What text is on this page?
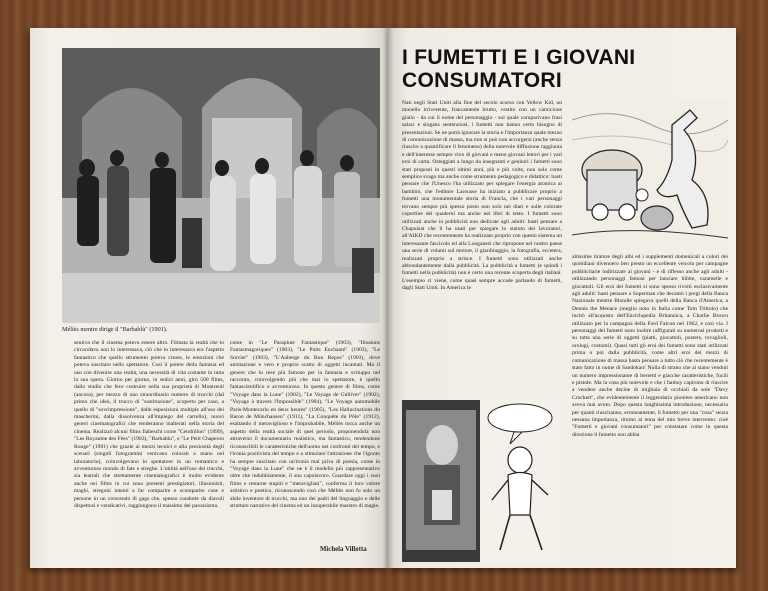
Méliès mentre dirige il "Barbablù" (1901).
sentiva che il cinema poteva essere altro. Filmata la realtà che lo circondava non lo interessava, ciò che lo interessava era l'aspetto fantastico che quello strumento poteva creare, le emozioni che poteva suscitare nello spettatore. Così il potere della fantasia ed uso con divenire una realtà, una necessità di vita costante in tutta la sua opera. Giorno per giorno, in sedici anni, girò 500 films, dallo studio che fece costruire nella sua proprietà di Montreuil (ancora), per mezzo di uno straordinario numero di trucchi (dal primo che ideò, il trucco di "sostituzione", scoperto per caso, a quello di "sovrimpressione", dalle esposizioni multiple all'uso dei mascherini, dalla dissolvenza all'impiego del carrello), nuovi generi cinematografici che renderanno inalterati nella storia del cinema. Realizzò alcuni films fiabeschi come "Cendrillon" (1899), "Les Royaume des Fées" (1903), "Barbablu", e "Le Petit Chaperon Rouge" (1901) che grazie ai mezzi tecnici e alla preziosità degli scenari (singoli fotogrammi venivano colorati a mano nel laboratorio), coinvolgevano lo spettatore in un romantico e avventuroso mondo di fate e streghe. L'utilità nell'uso dei trucchi, sia teatrali che strettamente cinematografici è molto evidente anche nei films in cui sono presenti prestigiatori, illusionisti, maghi, stregoni intenti a far comparire e scomparire cose e persone in un crescendo di gags che, spesso condotte da diavoli dispettosi e vendicativi, raggiungono il massimo del parossismo.
come in "Le Parapluie Fantastique" (1903), "Illusions Fantasmagoriques" (1903), "Le Puits Enchanté" (1903), "Le Sorcier" (1903), "L'Auberge du Bon Repos" (1903), dove animazione e vero e proprio scatto di oggetti incantati. Ma il genere che lo rese più famoso per la fantasia e sviluppo nel racconto, coinvolgendo più che mai lo spettatore, è quello fantascientifico e avventuroso. In questo genere di films, come "Voyage dans la Lune" (1902), "Le Voyage de Gulliver" (1902), "Voyage à travers l'Impossible" (1904), "Le Voyage automobile Paris-Montecarlo en deux heures" (1905), "Les Hallucinations du Baron de Münchausen" (1911), "La Conquête du Pôle" (1912), esaltando il meraviglioso e l'improbabile, Méliès tocca anche un aspetto della realtà sociale di quel periodo, proponendola non attraverso il documentario realistico, ma fantastico, rendendone riconoscibili le caratteristiche dell'uomo nei confronti del tempo, e l'ironia positivista del tempo e a stimolare l'attrazione che l'ignoto ha sempre suscitato con un'ironia mai priva di poesia, come in "Voyage dans la Lune" che ne è il modello più rappresentativo oltre che indubbiamente, il suo capolavoro. Guardare oggi i suoi films e restarne stupiti e "meravigliati", conferma il loro valore artistico e poetico, riconoscendo così che Méliès non fu solo un abile inventore di trucchi, ma uno dei padri del linguaggio e delle strutture narrative del cinema ed un insuperabile maestro di magie.
Michela Villotta
I FUMETTI E I GIOVANI CONSUMATORI
Nati negli Stati Uniti alla fine del secolo scorso con Yellow Kid, un monello irriverente, francamente brutto, vestito con un camicione giallo - da cui il nome del personaggio - sul quale comparivano frasi salaci e slogans sentenziosi, i fumetti non hanno certo bisogno di presentazioni. Se ne potrà ignorare la storia e l'importanza quale mezzo di comunicazione di massa, ma non si può non accorgersi (anche senza riuscire a quantificare il fenomeno) della notevole diffusione raggiunta e dell'interesse sempre vivo di giovani e meno giovani lettori per i vari eroi di carta. Osteggiati a lungo da insegnanti e genitori i fumetti sono stati proposti in questi ultimi anni, più e più volte, non solo come semplice svago ma anche come strumento pedagogico e didattico: basti pensare che l'Unesco l'ha utilizzato per spiegare l'energia atomica ai bambini, che l'editore Larousse ha iniziato a pubblicare proprio a fumetti una monumentale storia di Francia, che i vari personaggi trovano sempre più spesso posto non solo nei diari e sulle colorate copertine dei quaderni ma anche nei libri di testo. I fumetti sono utilizzati anche in pubblicità non dedicate agli adulti: basti pensare a Chapuisat che li ha usati per spiegare lo statuto dei lavoratori, all'AIKD che recentemente ha realizzato proprio con questo sistema un interessante fascicolo ed alla Longanesi che ripropone nel nostro paese una serie di volumi sul motore, il giardinaggio, la fotografia, eccetera, realizzati proprio a strisce. I fumetti sono utilizzati anche abbondantemente dalla pubblicità. La pubblicità a fumetti (e quindi i fumetti nella pubblicità) non è certo una recente scoperta degli italiani. L'esempio ci viene, come quasi sempre accade parlando di fumetti, dagli Stati Uniti. In America le
altissime tirature degli albi ed i supplementi domenicali a colori dei quotidiani divennero ben presto un eccellente veicolo per campagne pubblicitarie indirizzate ai giovani - e di riflesso anche agli adulti - utilizzando personaggi famosi per lanciare bibite, caramelle e giocattoli. Gli eroi dei fumetti si sono spesso rivolti esclusivamente agli adulti: basti pensare a Superman che decantò i pregi della Banca Nazionale mentre Blondie spiegava quelli della Banca d'America, a Dennis the Menace (meglio noto in Italia come Tom Trittolo) che incitò all'acquisto dell'Enciclopedia Britannica, a Charlie Brown utilizzato per la campagna della Ford Falcon nel 1962, e così via. I personaggi dei fumetti sono inoltre raffigurati su numerosi prodotti e su tutta una serie di oggetti (piatti, giocattoli, posters, tovaglioli, orologi, costumi). Quasi tutti gli eroi dei fumetti sono stati utilizzati prima o poi dalla pubblicità, come altri eroi dei mezzi di comunicazione di massa basta pensare a tutto ciò che recentemente è stato fatto in nome di Sandokan! Nulla di strano che ai siano venduti un numero impressionante di berretti e giacche caratteristiche, fucili e pistole. Ma la cosa più notevole e che i fanboy capirono di riuscire a vendere anche decine di migliaia di occhiali da sole "Davy Crockett", che evidentemente il leggendario pioniere americano non aveva mai avuto. Dopo questa lunghissima introduzione, necessaria per quanti riusciranno, erroneamente, il fumetto per una "cosa" senza nessuna importanza, ritorno al tema del mio breve intervento: cioè "Fumetti e giovani consumatori" per constatare come in questa direzione il fumetto non abbia
